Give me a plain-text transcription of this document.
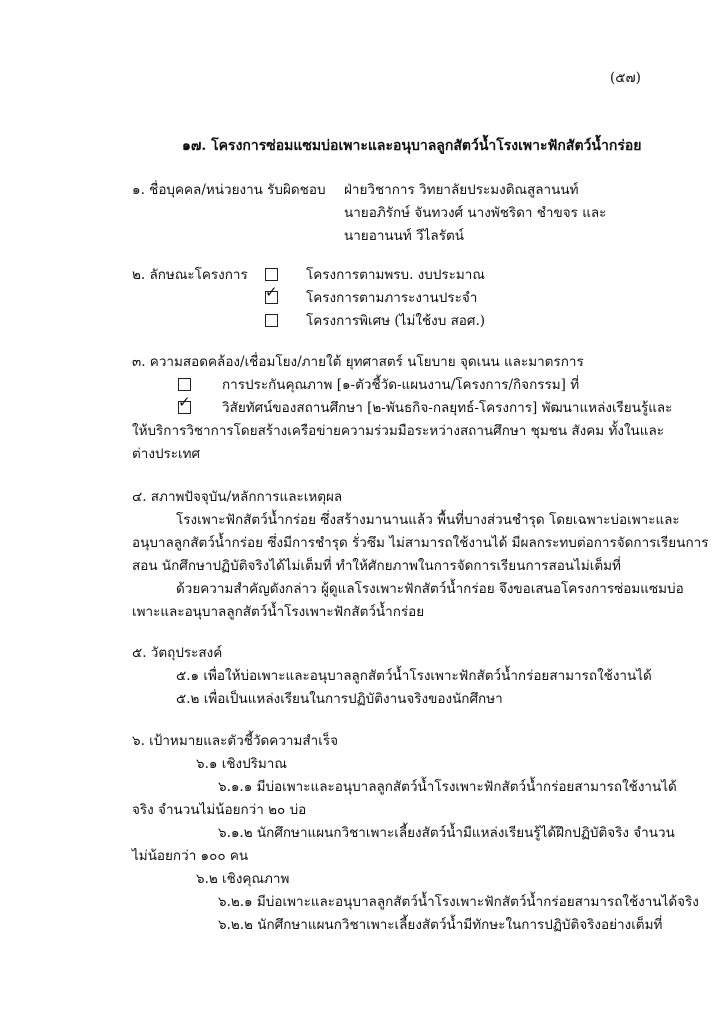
(๕๗)
๑๗. โครงการซ่อมแซมบ่อเพาะและอนุบาลลูกสัตว์น้ำโรงเพาะฟักสัตว์น้ำกร่อย
๑. ชื่อบุคคล/หน่วยงาน รับผิดชอบ ฝ่ายวิชาการ วิทยาลัยประมงติณสูลานนท์
นายอภิรักษ์ จันทวงศ์ นางพัชริดา ชำขจร และ
นายอานนท์ วีไลรัตน์
๒. ลักษณะโครงการ	โครงการตามพรบ. งบประมาณ
✓ โครงการตามภาระงานประจำ
โครงการพิเศษ (ไม่ใช้งบ สอศ.)
๓. ความสอดคล้อง/เชื่อมโยง/ภายใต้ ยุทศาสตร์ นโยบาย จุดเนน และมาตรการ
การประกันคุณภาพ [๑-ตัวชี้วัด-แผนงาน/โครงการ/กิจกรรม] ที่
✓ วิสัยทัศน์ของสถานศึกษา [๒-พันธกิจ-กลยุทธ์-โครงการ] พัฒนาแหล่งเรียนรู้และ
ให้บริการวิชาการโดยสร้างเครือข่ายความร่วมมือระหว่างสถานศึกษา ชุมชน สังคม ทั้งในและ
ต่างประเทศ
๔. สภาพปัจจุบัน/หลักการและเหตุผล
โรงเพาะฟักสัตว์น้ำกร่อย ซึ่งสร้างมานานแล้ว พื้นที่บางส่วนชำรุด โดยเฉพาะบ่อเพาะและ
อนุบาลลูกสัตว์น้ำกร่อย ซึ่งมีการชำรุด รั่วซึม ไม่สามารถใช้งานได้ มีผลกระทบต่อการจัดการเรียนการ
สอน นักศึกษาปฏิบัติจริงได้ไม่เต็มที่ ทำให้ศักยภาพในการจัดการเรียนการสอนไม่เต็มที่
ด้วยความสำคัญดังกล่าว ผู้ดูแลโรงเพาะฟักสัตว์น้ำกร่อย จึงขอเสนอโครงการซ่อมแซมบ่อ
เพาะและอนุบาลลูกสัตว์น้ำโรงเพาะฟักสัตว์น้ำกร่อย
๕. วัตถุประสงค์
๕.๑ เพื่อให้บ่อเพาะและอนุบาลลูกสัตว์น้ำโรงเพาะฟักสัตว์น้ำกร่อยสามารถใช้งานได้
๕.๒ เพื่อเป็นแหล่งเรียนในการปฏิบัติงานจริงของนักศึกษา
๖. เป้าหมายและตัวชี้วัดความสำเร็จ
๖.๑ เชิงปริมาณ
๖.๑.๑ มีบ่อเพาะและอนุบาลลูกสัตว์น้ำโรงเพาะฟักสัตว์น้ำกร่อยสามารถใช้งานได้
จริง จำนวนไม่น้อยกว่า ๒๐ บ่อ
๖.๑.๒ นักศึกษาแผนกวิชาเพาะเลี้ยงสัตว์น้ำมีแหล่งเรียนรู้ได้ฝึกปฏิบัติจริง จำนวน
ไม่น้อยกว่า ๑๐๐ คน
๖.๒ เชิงคุณภาพ
๖.๒.๑ มีบ่อเพาะและอนุบาลลูกสัตว์น้ำโรงเพาะฟักสัตว์น้ำกร่อยสามารถใช้งานได้จริง
๖.๒.๒ นักศึกษาแผนกวิชาเพาะเลี้ยงสัตว์น้ำมีทักษะในการปฏิบัติจริงอย่างเต็มที่
